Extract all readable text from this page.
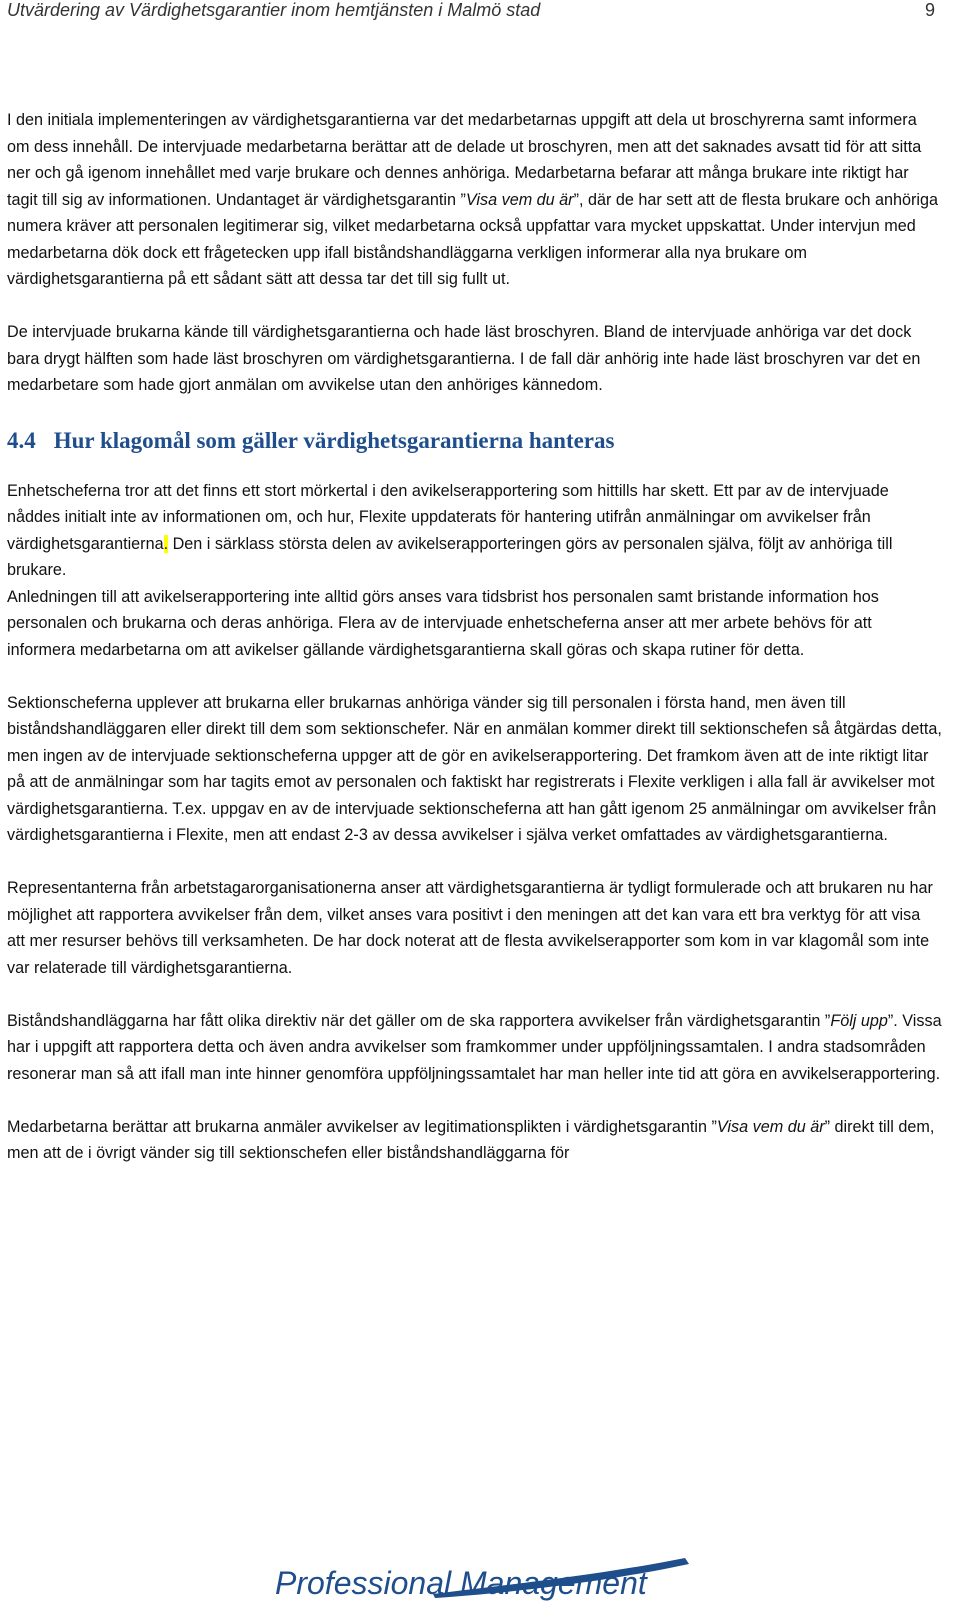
Utvärdering av Värdighetsgarantier inom hemtjänsten i Malmö stad	9

I den initiala implementeringen av värdighetsgarantierna var det medarbetarnas uppgift att dela ut broschyrerna samt informera om dess innehåll. De intervjuade medarbetarna berättar att de delade ut broschyren, men att det saknades avsatt tid för att sitta ner och gå igenom innehållet med varje brukare och dennes anhöriga. Medarbetarna befarar att många brukare inte riktigt har tagit till sig av informationen. Undantaget är värdighetsgarantin ”Visa vem du är”, där de har sett att de flesta brukare och anhöriga numera kräver att personalen legitimerar sig, vilket medarbetarna också uppfattar vara mycket uppskattat. Under intervjun med medarbetarna dök dock ett frågetecken upp ifall biståndshandläggarna verkligen informerar alla nya brukare om värdighetsgarantierna på ett sådant sätt att dessa tar det till sig fullt ut.

De intervjuade brukarna kände till värdighetsgarantierna och hade läst broschyren. Bland de intervjuade anhöriga var det dock bara drygt hälften som hade läst broschyren om värdighetsgarantierna. I de fall där anhörig inte hade läst broschyren var det en medarbetare som hade gjort anmälan om avvikelse utan den anhöriges kännedom.

4.4 Hur klagomål som gäller värdighetsgarantierna hanteras

Enhetscheferna tror att det finns ett stort mörkertal i den avikelserapportering som hittills har skett. Ett par av de intervjuade nåddes initialt inte av informationen om, och hur, Flexite uppdaterats för hantering utifrån anmälningar om avvikelser från värdighetsgarantierna. Den i särklass största delen av avikelserapporteringen görs av personalen själva, följt av anhöriga till brukare.

Anledningen till att avikelserapportering inte alltid görs anses vara tidsbrist hos personalen samt bristande information hos personalen och brukarna och deras anhöriga. Flera av de intervjuade enhetscheferna anser att mer arbete behövs för att informera medarbetarna om att avikelser gällande värdighetsgarantierna skall göras och skapa rutiner för detta.

Sektionscheferna upplever att brukarna eller brukarnas anhöriga vänder sig till personalen i första hand, men även till biståndshandläggaren eller direkt till dem som sektionschefer. När en anmälan kommer direkt till sektionschefen så åtgärdas detta, men ingen av de intervjuade sektionscheferna uppger att de gör en avikelserapportering. Det framkom även att de inte riktigt litar på att de anmälningar som har tagits emot av personalen och faktiskt har registrerats i Flexite verkligen i alla fall är avvikelser mot värdighetsgarantierna. T.ex. uppgav en av de intervjuade sektionscheferna att han gått igenom 25 anmälningar om avvikelser från värdighetsgarantierna i Flexite, men att endast 2-3 av dessa avvikelser i själva verket omfattades av värdighetsgarantierna.

Representanterna från arbetstagarorganisationerna anser att värdighetsgarantierna är tydligt formulerade och att brukaren nu har möjlighet att rapportera avvikelser från dem, vilket anses vara positivt i den meningen att det kan vara ett bra verktyg för att visa att mer resurser behövs till verksamheten. De har dock noterat att de flesta avvikelserapporter som kom in var klagomål som inte var relaterade till värdighetsgarantierna.

Biståndshandläggarna har fått olika direktiv när det gäller om de ska rapportera avvikelser från värdighetsgarantin ”Följ upp”. Vissa har i uppgift att rapportera detta och även andra avvikelser som framkommer under uppföljningssamtalen. I andra stadsområden resonerar man så att ifall man inte hinner genomföra uppföljningssamtalet har man heller inte tid att göra en avvikelserapportering.

Medarbetarna berättar att brukarna anmäler avvikelser av legitimationsplikten i värdighetsgarantin ”Visa vem du är” direkt till dem, men att de i övrigt vänder sig till sektionschefen eller biståndshandläggarna för

Professional Management
